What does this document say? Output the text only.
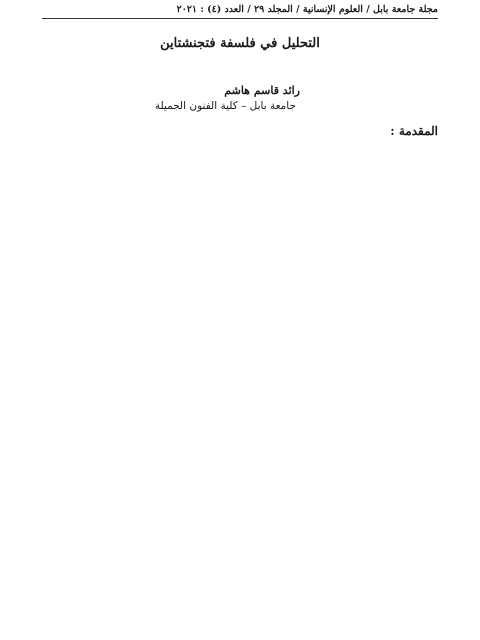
مجلة جامعة بابل / العلوم الإنسانية / المجلد ٢٩ / العدد (٤) : ٢٠٢١
التحليل في فلسفة فتجنشتاين
رائد قاسم هاشم
جامعة بابل – كلية الفنون الجميلة
المقدمة :
